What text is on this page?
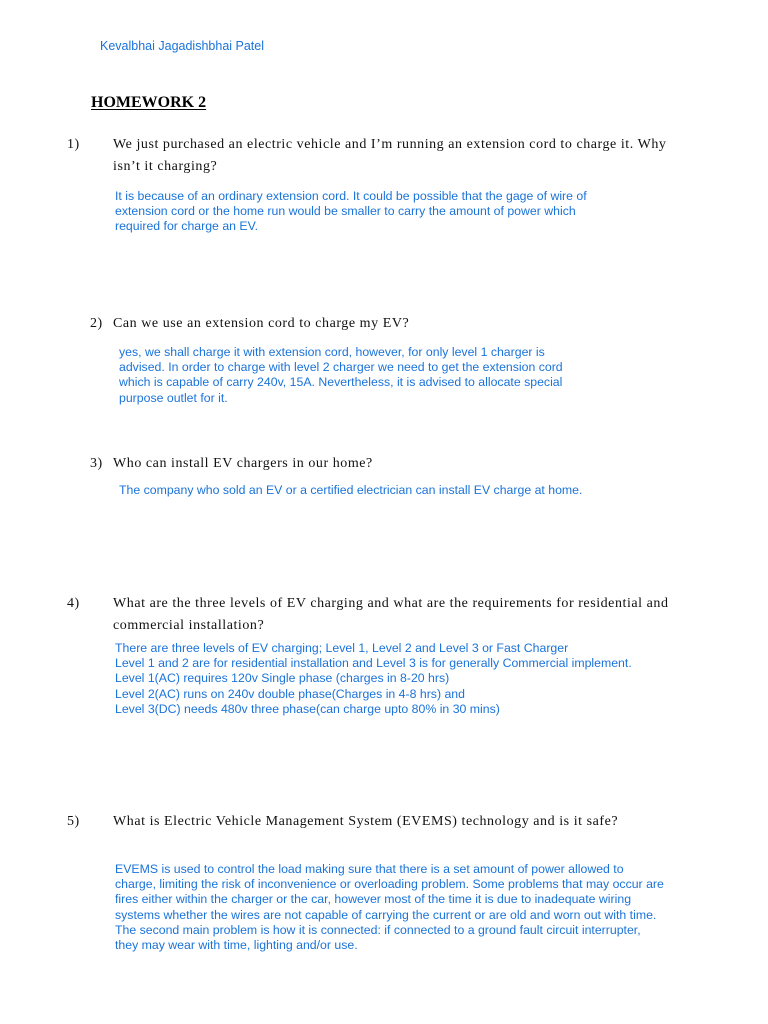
Kevalbhai Jagadishbhai Patel
HOMEWORK 2
1) We just purchased an electric vehicle and I’m running an extension cord to charge it. Why isn’t it charging?

It is because of an ordinary extension cord. It could be possible that the gage of wire of

extension cord or the home run would be smaller to carry the amount of power which

required for charge an EV.

2) Can we use an extension cord to charge my EV?

yes, we shall charge it with extension cord, however, for only level 1 charger is

advised. In order to charge with level 2 charger we need to get the extension cord

which is capable of carry 240v, 15A. Nevertheless, it is advised to allocate special

purpose outlet for it.

3) Who can install EV chargers in our home?

The company who sold an EV or a certified electrician can install EV charge at home.

4) What are the three levels of EV charging and what are the requirements for residential and commercial installation?

There are three levels of EV charging; Level 1, Level 2 and Level 3 or Fast Charger

Level 1 and 2 are for residential installation and Level 3 is for generally Commercial implement.

Level 1(AC) requires 120v Single phase (charges in 8-20 hrs)

Level 2(AC) runs on 240v double phase(Charges in 4-8 hrs) and

Level 3(DC) needs 480v three phase(can charge upto 80% in 30 mins)

5) What is Electric Vehicle Management System (EVEMS) technology and is it safe?

EVEMS is used to control the load making sure that there is a set amount of power allowed to

charge, limiting the risk of inconvenience or overloading problem. Some problems that may occur are

fires either within the charger or the car, however most of the time it is due to inadequate wiring

systems whether the wires are not capable of carrying the current or are old and worn out with time.

The second main problem is how it is connected: if connected to a ground fault circuit interrupter,

they may wear with time, lighting and/or use.
